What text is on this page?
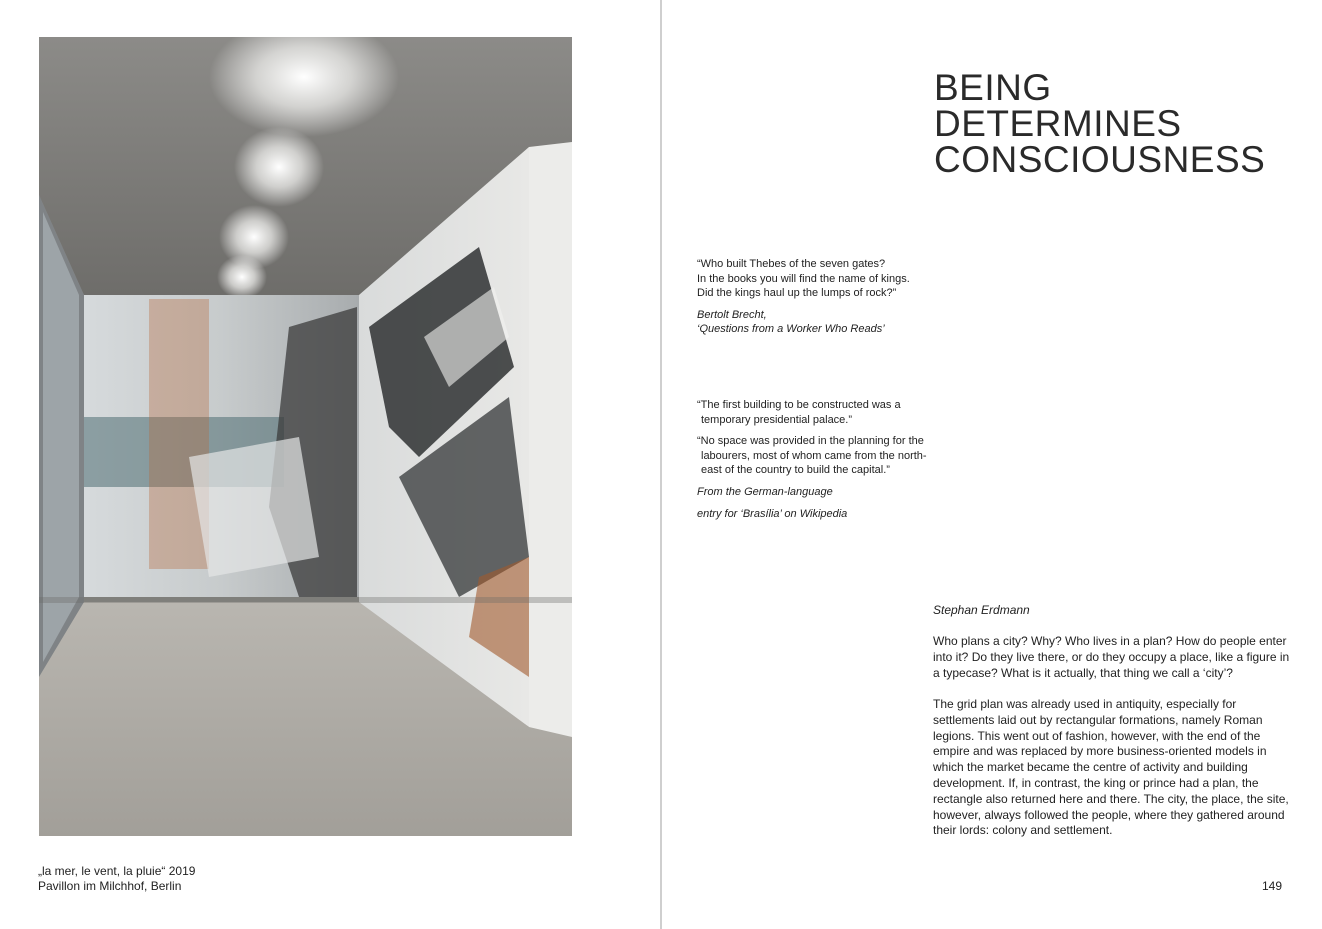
„la mer, le vent, la pluie“ 2019
Pavillon im Milchhof, Berlin
BEING
DETERMINES
CONSCIOUSNESS

“Who built Thebes of the seven gates?

In the books you will find the name of kings.

Did the kings haul up the lumps of rock?”

Bertolt Brecht,

‘Questions from a Worker Who Reads’

“The first building to be constructed was a temporary presidential palace.”

“No space was provided in the planning for the labourers, most of whom came from the north-east of the country to build the capital.”

From the German-language

entry for ‘Brasília’ on Wikipedia

Stephan Erdmann

Who plans a city? Why? Who lives in a plan? How do people enter into it? Do they live there, or do they occupy a place, like a figure in a typecase? What is it actually, that thing we call a ‘city’?

The grid plan was already used in antiquity, especially for settlements laid out by rectangular formations, namely Roman legions. This went out of fashion, however, with the end of the empire and was replaced by more business-oriented models in which the market became the centre of activity and building development. If, in contrast, the king or prince had a plan, the rectangle also returned here and there. The city, the place, the site, however, always followed the people, where they gathered around their lords: colony and settlement.

149
